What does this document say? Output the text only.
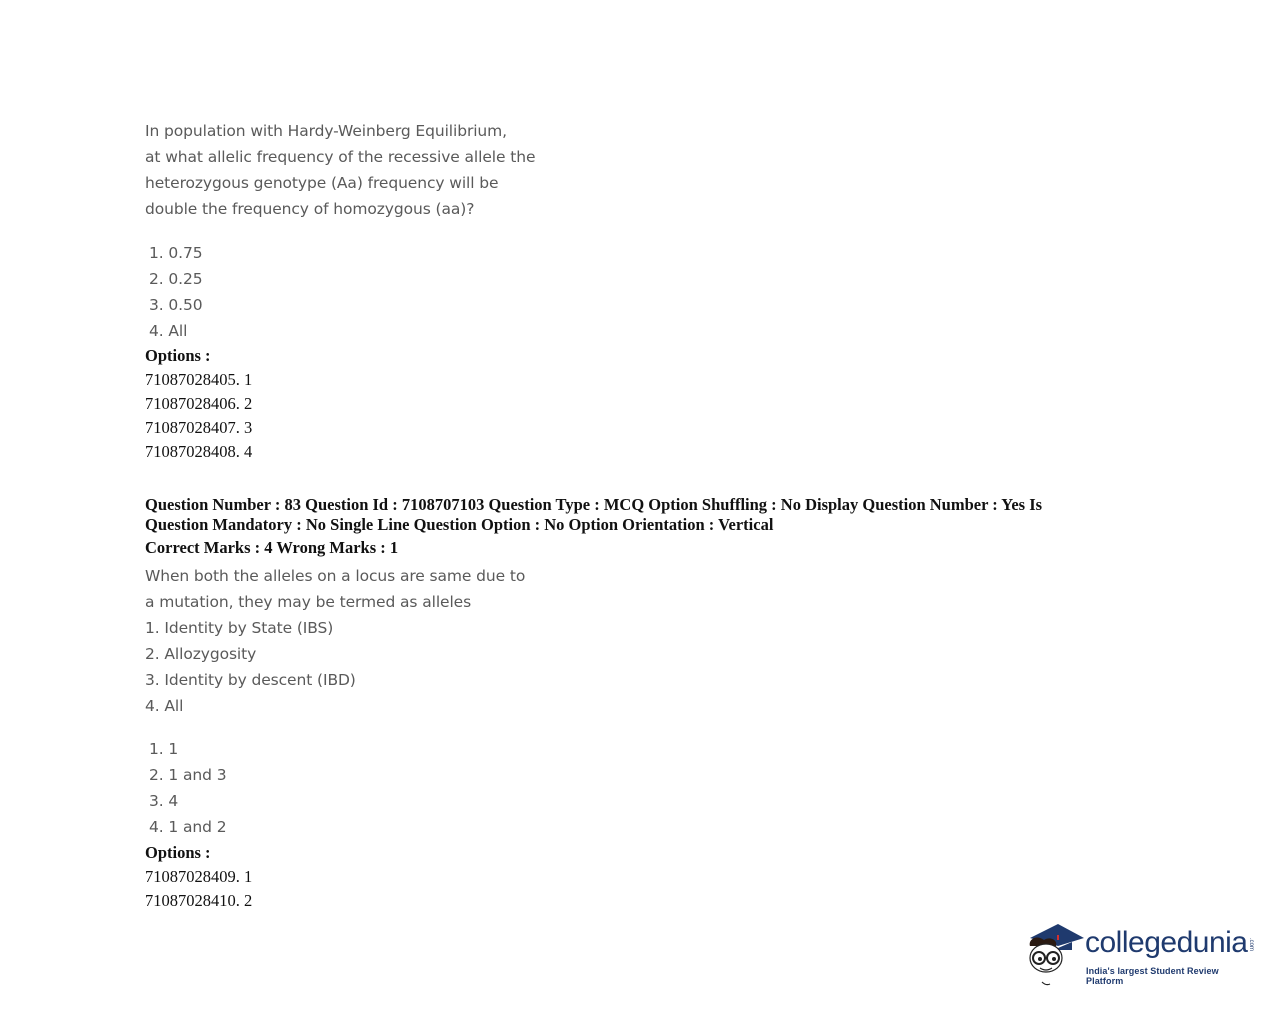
In population with Hardy-Weinberg Equilibrium,
at what allelic frequency of the recessive allele the
heterozygous genotype (Aa) frequency will be
double the frequency of homozygous (aa)?
1. 0.75
2. 0.25
3. 0.50
4. All
Options :
71087028405. 1
71087028406. 2
71087028407. 3
71087028408. 4
Question Number : 83 Question Id : 7108707103 Question Type : MCQ Option Shuffling : No Display Question Number : Yes Is
Question Mandatory : No Single Line Question Option : No Option Orientation : Vertical
Correct Marks : 4 Wrong Marks : 1
When both the alleles on a locus are same due to
a mutation, they may be termed as alleles
1. Identity by State (IBS)
2. Allozygosity
3. Identity by descent (IBD)
4. All
1. 1
2. 1 and 3
3. 4
4. 1 and 2
Options :
71087028409. 1
71087028410. 2
collegedunia .com
India's largest Student Review Platform
